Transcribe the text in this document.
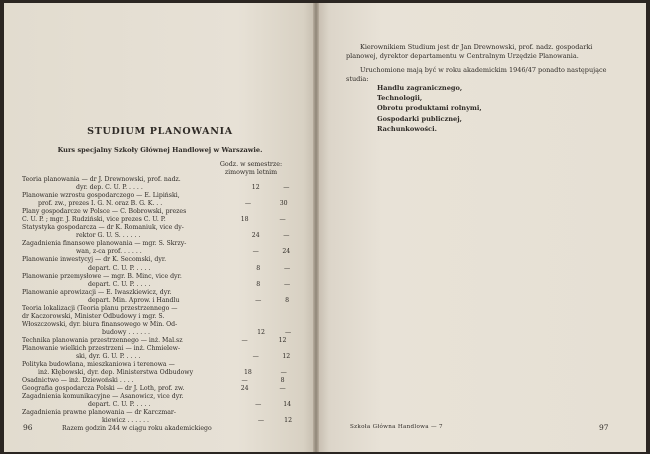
STUDIUM PLANOWANIA
Kurs specjalny Szkoły Głównej Handlowej w Warszawie.
Godz. w semestrze:
zimowym letnim
Teoria planowania — dr J. Drewnowski, prof. nadz.
dyr. dep. C. U. P. . . . .	12	—
Planowanie wzrostu gospodarczego — E. Lipiński,
prof. zw., prezes I. G. N. oraz B. G. K. . .	—	30
Plany gospodarcze w Polsce — C. Bobrowski, prezes
C. U. P. ; mgr. J. Rudziński, vice prezes C. U. P.	18	—
Statystyka gospodarcza — dr K. Romaniuk, vice dy-
rektor G. U. S. . . . . .	24	—
Zagadnienia finansowe planowania — mgr. S. Skrzy-
wan, z-ca prof. . . . . .	—	24
Planowanie inwestycyj — dr K. Secomski, dyr.
depart. C. U. P. . . . .	8	—
Planowanie przemysłowe — mgr. B. Minc, vice dyr.
depart. C. U. P. . . . .	8	—
Planowanie aprowizacji — E. Iwaszkiewicz, dyr.
depart. Min. Aprow. i Handlu	—	8
Teoria lokalizacji (Teoria planu przestrzennego —
dr Kaczorowski, Minister Odbudowy i mgr. S.
Włoszczowski, dyr. biura finansowego w Min. Od-
budowy . . . . . .	12	—
Technika planowania przestrzennego — inż. Mal.sz	—	12
Planowanie wielkich przestrzeni — inż. Chmielew-
ski, dyr. G. U. P. . . . .	—	12
Polityka budowlana, mieszkaniowa i terenowa —
inż. Kłębowski, dyr. dep. Ministerstwa Odbudowy	18	—
Osadnictwo — inż. Dziewoński . . . .	—	8
Geografia gospodarcza Polski — dr J. Loth, prof. zw.	24	—
Zagadnienia komunikacyjne — Asanowicz, vice dyr.
depart. C. U. P. . . . .	—	14
Zagadnienia prawne planowania — dr Karczmar-
kiewicz . . . . . .	—	12
Razem godzin 244 w ciągu roku akademickiego
96

Kierownikiem Studium jest dr Jan Drewnowski, prof. nadz. gospodarki planowej, dyrektor departamentu w Centralnym Urzędzie Planowania.

Uruchomione mają być w roku akademickim 1946/47 ponadto następujące studia:

Handlu zagranicznego,
Technologii,
Obrotu produktami rolnymi,
Gospodarki publicznej,
Rachunkowości.
Szkoła Główna Handlowa — 7	97
